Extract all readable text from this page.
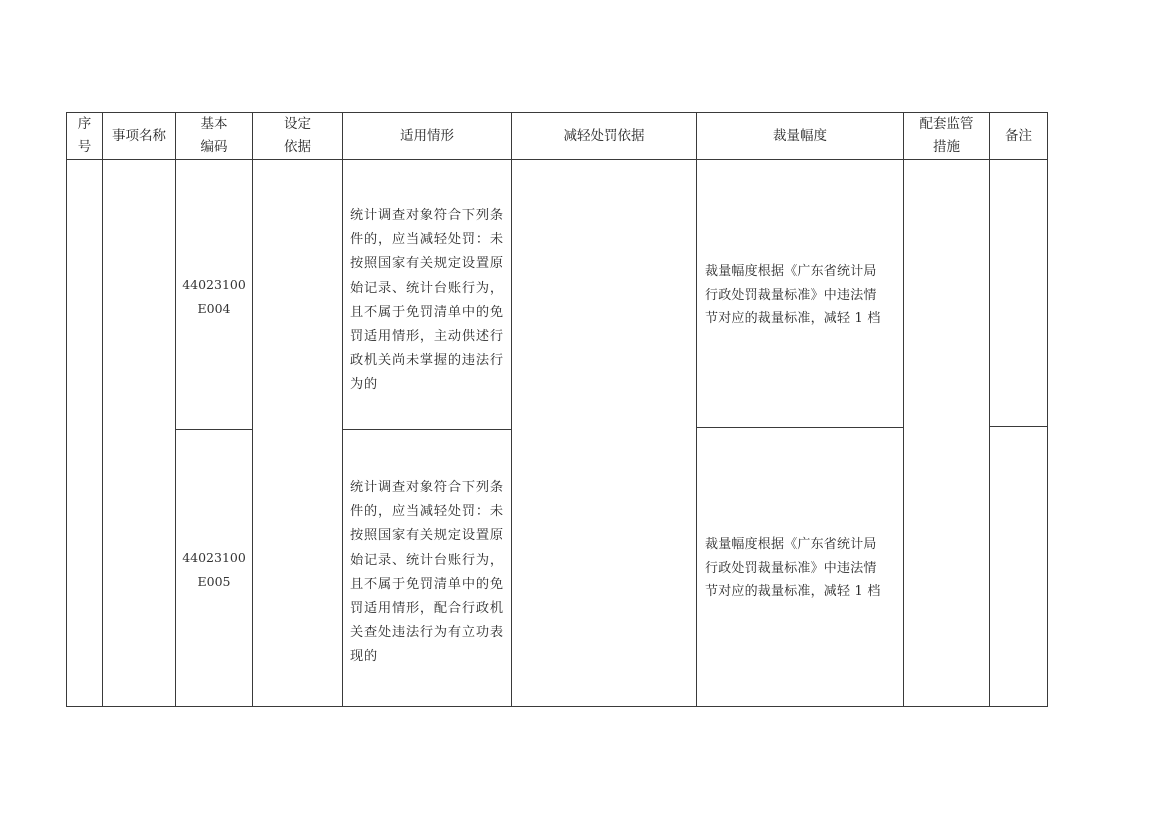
序
号
事项名称
基本
编码
设定
依据
适用情形	减轻处罚依据	裁量幅度
配套监管
措施
备注
44023100
E004
统计调查对象符合下列条件的，应当减轻处罚：未按照国家有关规定设置原始记录、统计台账行为，且不属于免罚清单中的免罚适用情形，主动供述行政机关尚未掌握的违法行为的
裁量幅度根据《广东省统计局
行政处罚裁量标准》中违法情
节对应的裁量标准，减轻 1 档
44023100
E005
统计调查对象符合下列条件的，应当减轻处罚：未按照国家有关规定设置原始记录、统计台账行为，且不属于免罚清单中的免罚适用情形，配合行政机关查处违法行为有立功表现的
裁量幅度根据《广东省统计局
行政处罚裁量标准》中违法情
节对应的裁量标准，减轻 1 档
